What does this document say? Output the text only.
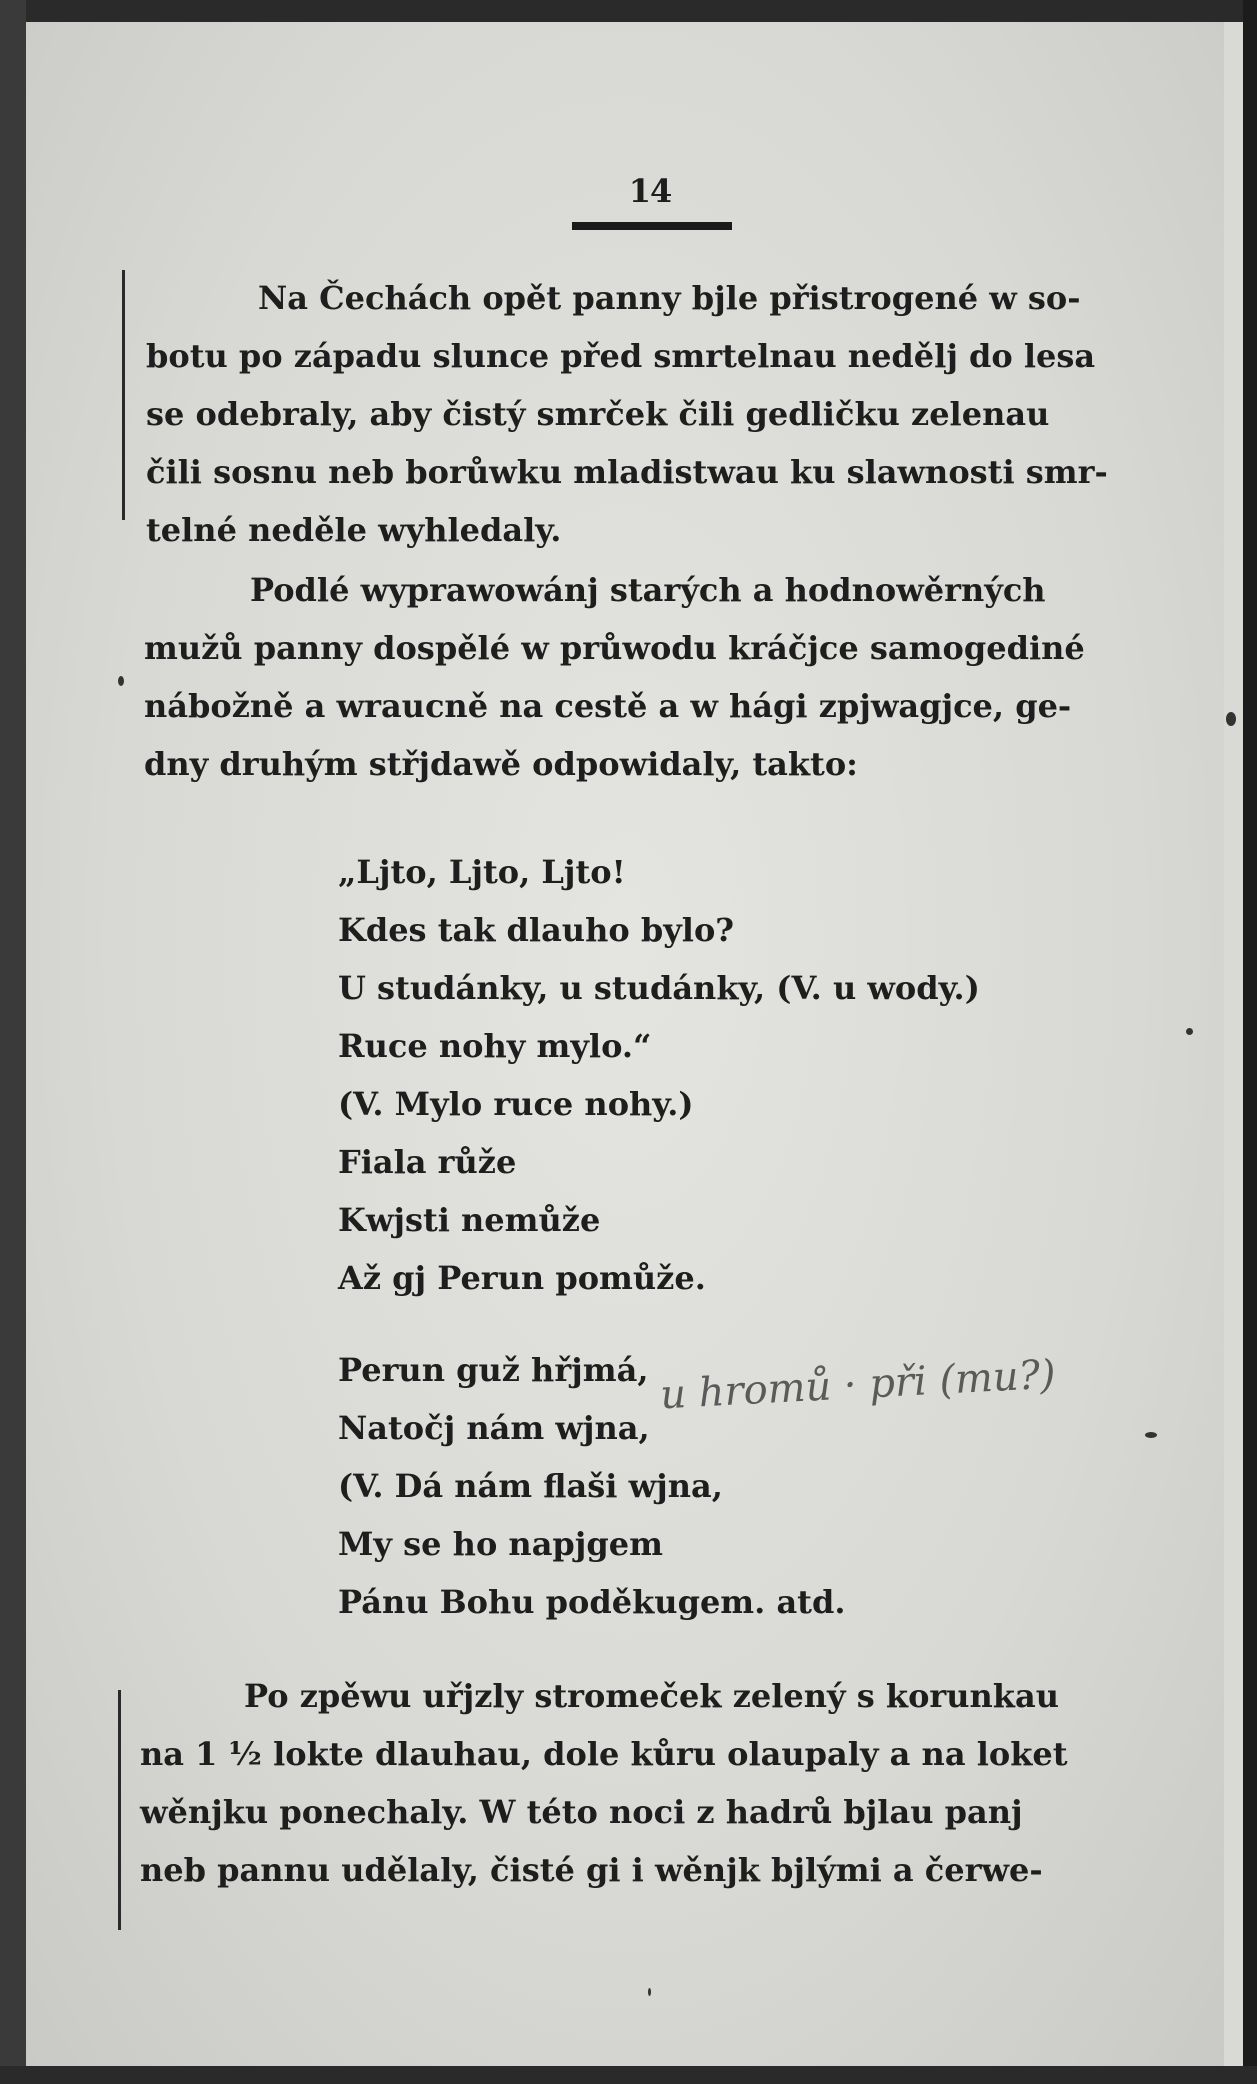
14
Na Čechách opět panny bjle přistrogené w so-
botu po západu slunce před smrtelnau nedělj do lesa
se odebraly, aby čistý smrček čili gedličku zelenau
čili sosnu neb borůwku mladistwau ku slawnosti smr-
telné neděle wyhledaly.
Podlé wyprawowánj starých a hodnowěrných
mužů panny dospělé w průwodu kráčjce samogediné
nábožně a wraucně na cestě a w hági zpjwagjce, ge-
dny druhým střjdawě odpowidaly, takto:
„Ljto, Ljto, Ljto!
Kdes tak dlauho bylo?
U studánky, u studánky, (V. u wody.)
Ruce nohy mylo.“
(V. Mylo ruce nohy.)
Fiala růže
Kwjsti nemůže
Až gj Perun pomůže.
Perun guž hřjmá,
Natočj nám wjna,
(V. Dá nám flaši wjna,
My se ho napjgem
Pánu Bohu poděkugem. atd.
u hromů · při (mu?)
Po zpěwu uřjzly stromeček zelený s korunkau
na 1 ½ lokte dlauhau, dole kůru olaupaly a na loket
wěnjku ponechaly. W této noci z hadrů bjlau panj
neb pannu udělaly, čisté gi i wěnjk bjlými a čerwe-
